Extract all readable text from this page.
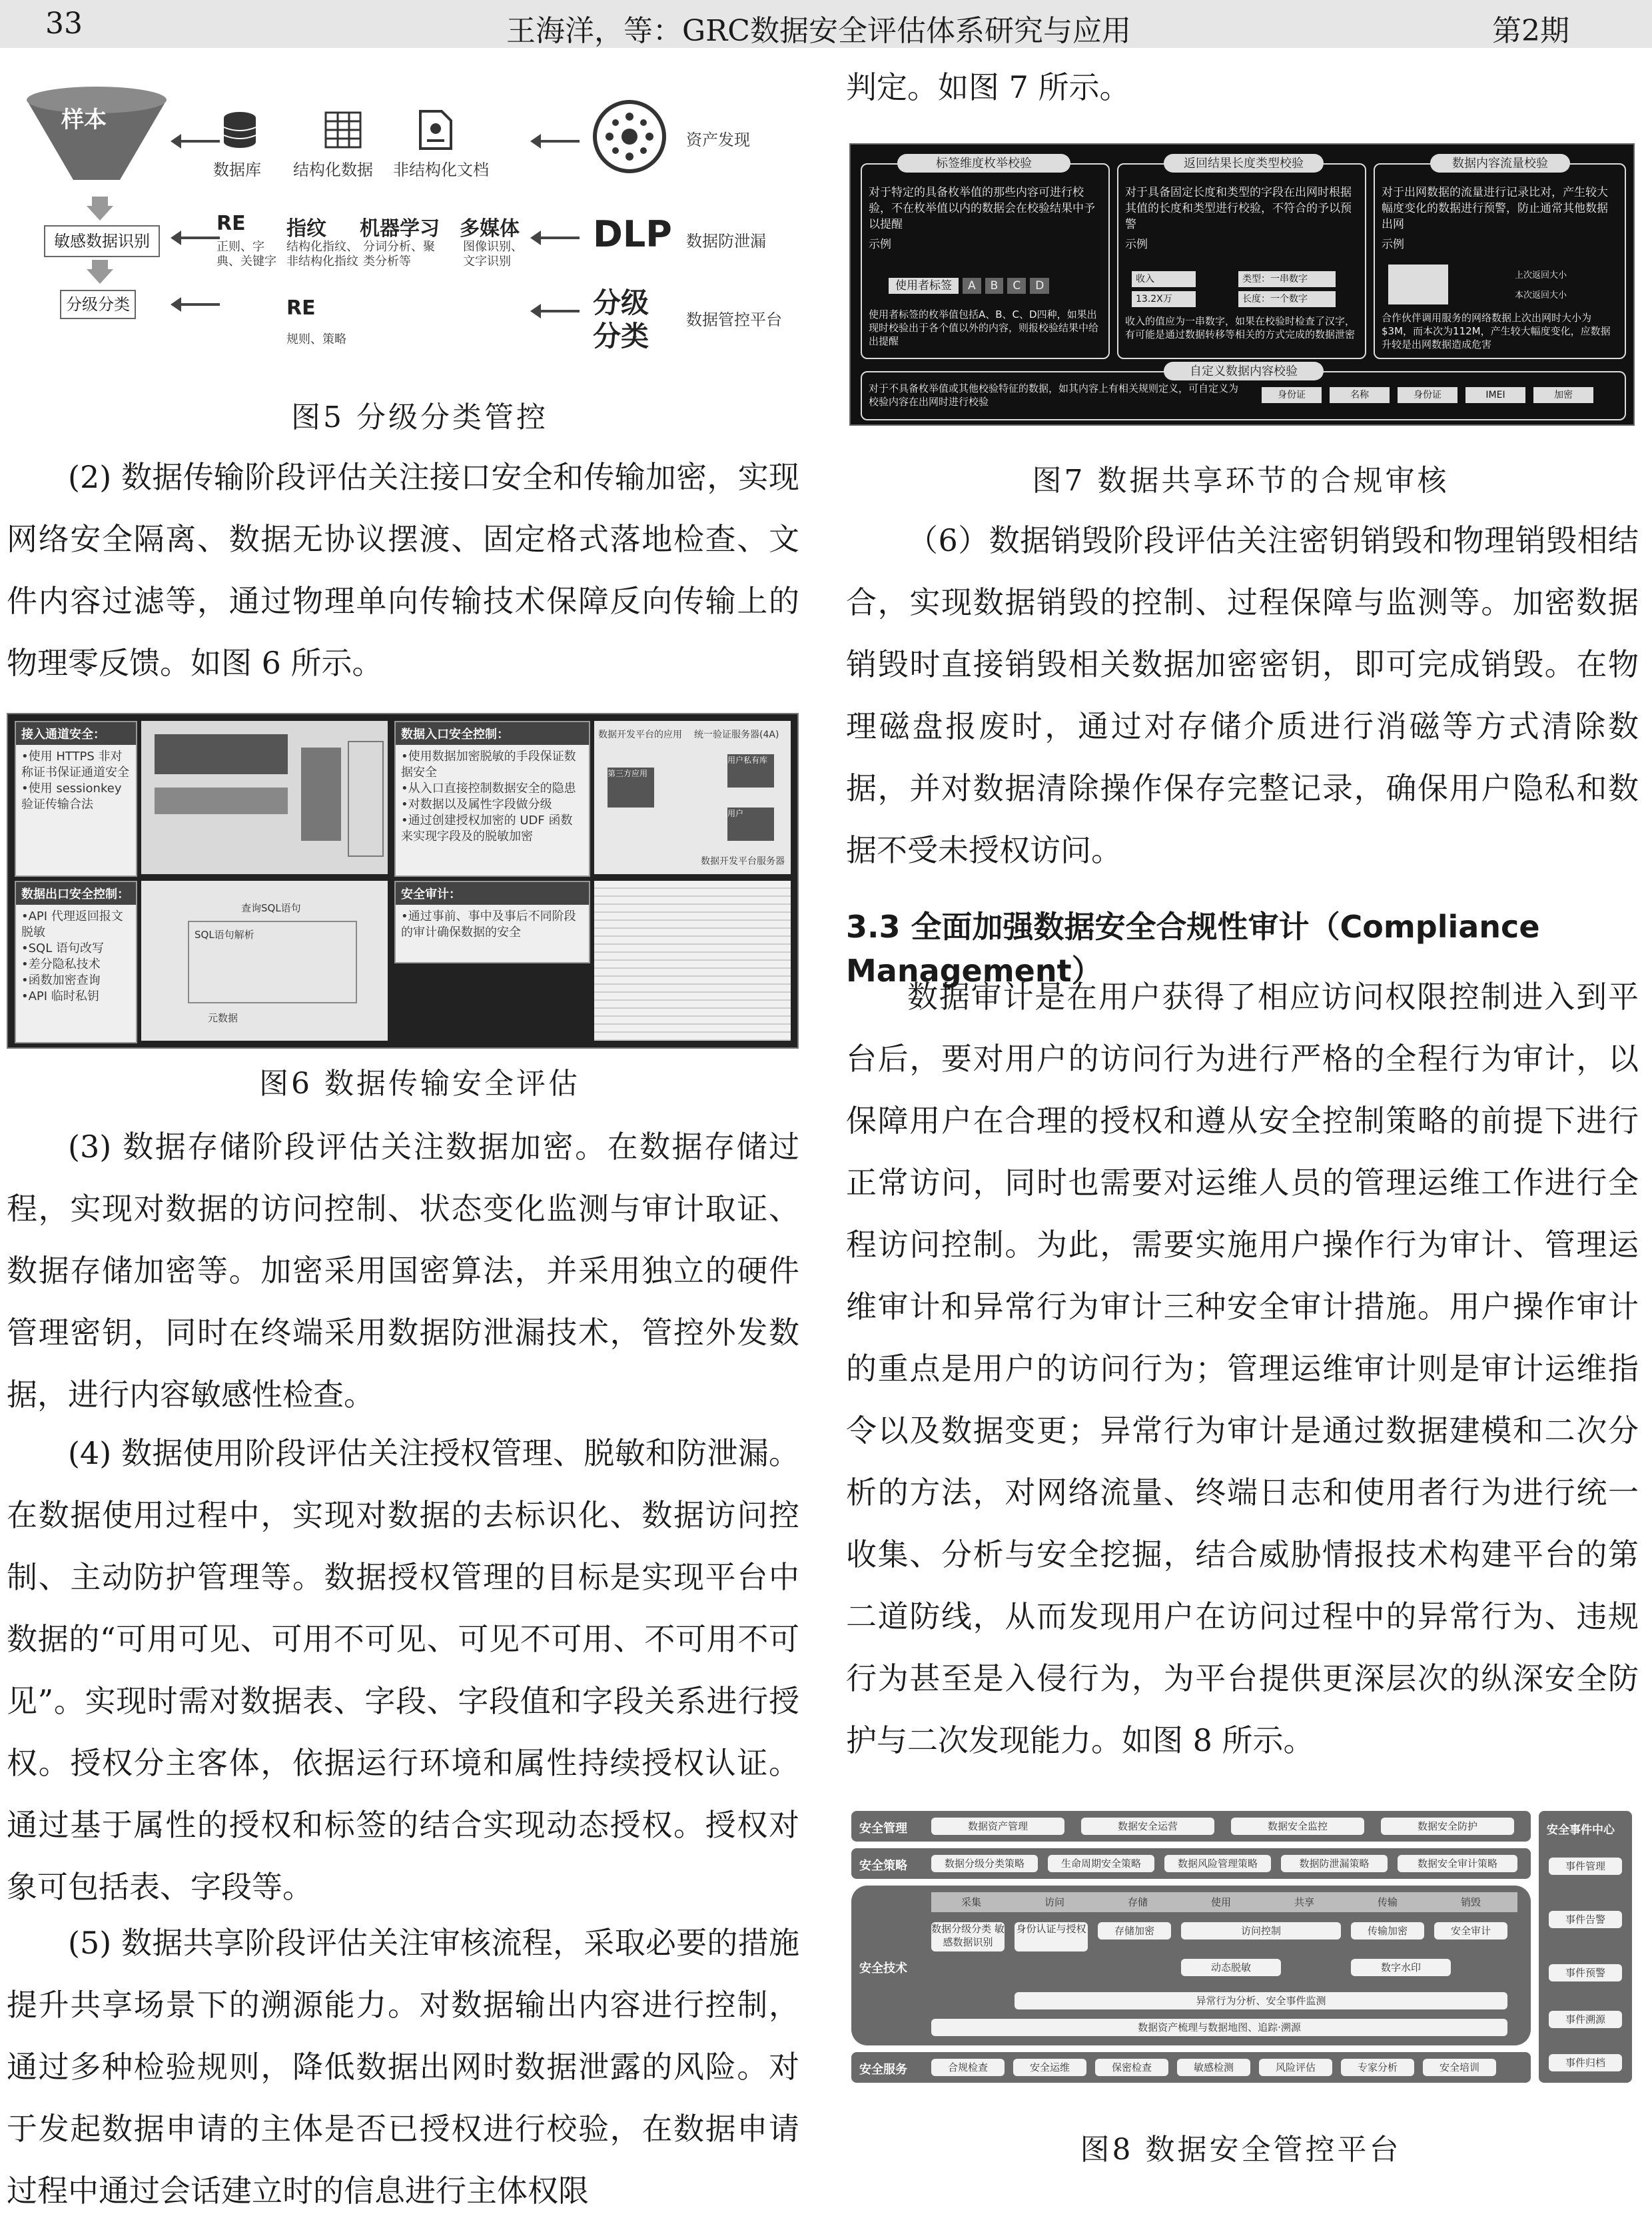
33	王海洋，等：GRC数据安全评估体系研究与应用	第2期
样本
敏感数据识别
分级分类
数据库 结构化数据 非结构化文档
RE
正则、字典、关键字
指纹
结构化指纹、非结构化指纹
机器学习
分词分析、聚类分析等
多媒体
图像识别、文字识别
RE
规则、策略
资产发现
DLP 数据防泄漏
分级
分类 数据管控平台
图5 分级分类管控

(2) 数据传输阶段评估关注接口安全和传输加密，实现网络安全隔离、数据无协议摆渡、固定格式落地检查、文件内容过滤等，通过物理单向传输技术保障反向传输上的物理零反馈。如图 6 所示。

接入通道安全：
•使用 HTTPS 非对称证书保证通道安全
•使用 sessionkey 验证传输合法
数据入口安全控制：
•使用数据加密脱敏的手段保证数据安全
•从入口直接控制数据安全的隐患
•对数据以及属性字段做分级
•通过创建授权加密的 UDF 函数来实现字段及的脱敏加密
数据开发平台的应用 统一验证服务器(4A)
第三方应用
用户私有库
用户
数据开发平台服务器
数据出口安全控制：
•API 代理返回报文脱敏
•SQL 语句改写
•差分隐私技术
•函数加密查询
•API 临时私钥
查询SQL语句
SQL语句解析
元数据
安全审计：
•通过事前、事中及事后不同阶段的审计确保数据的安全
图6 数据传输安全评估

(3) 数据存储阶段评估关注数据加密。在数据存储过程，实现对数据的访问控制、状态变化监测与审计取证、数据存储加密等。加密采用国密算法，并采用独立的硬件管理密钥，同时在终端采用数据防泄漏技术，管控外发数据，进行内容敏感性检查。

(4) 数据使用阶段评估关注授权管理、脱敏和防泄漏。在数据使用过程中，实现对数据的去标识化、数据访问控制、主动防护管理等。数据授权管理的目标是实现平台中数据的“可用可见、可用不可见、可见不可用、不可用不可见”。实现时需对数据表、字段、字段值和字段关系进行授权。授权分主客体，依据运行环境和属性持续授权认证。通过基于属性的授权和标签的结合实现动态授权。授权对象可包括表、字段等。

(5) 数据共享阶段评估关注审核流程，采取必要的措施提升共享场景下的溯源能力。对数据输出内容进行控制，通过多种检验规则，降低数据出网时数据泄露的风险。对于发起数据申请的主体是否已授权进行校验，在数据申请过程中通过会话建立时的信息进行主体权限

判定。如图 7 所示。

对于特定的具备枚举值的那些内容可进行校验，不在枚举值以内的数据会在校验结果中予以提醒
示例
使用者标签	A	B	C	D
使用者标签的枚举值包括A、B、C、D四种，如果出现时校验出于各个值以外的内容，则报校验结果中给出提醒
标签维度枚举校验
对于具备固定长度和类型的字段在出网时根据其值的长度和类型进行校验，不符合的予以预警
示例
收入	类型：一串数字
13.2X万	长度：一个数字
收入的值应为一串数字，如果在校验时检查了汉字，有可能是通过数据转移等相关的方式完成的数据泄密
返回结果长度类型校验
对于出网数据的流量进行记录比对，产生较大幅度变化的数据进行预警，防止通常其他数据出网
示例
上次返回大小
本次返回大小
合作伙伴调用服务的网络数据上次出网时大小为$3M，而本次为112M，产生较大幅度变化，应数据升较是出网数据造成危害
数据内容流量校验
对于不具备枚举值或其他校验特征的数据，如其内容上有相关规则定义，可自定义为校验内容在出网时进行校验
身份证	名称	身份证	IMEI	加密
自定义数据内容校验
图7 数据共享环节的合规审核

（6）数据销毁阶段评估关注密钥销毁和物理销毁相结合，实现数据销毁的控制、过程保障与监测等。加密数据销毁时直接销毁相关数据加密密钥，即可完成销毁。在物理磁盘报废时，通过对存储介质进行消磁等方式清除数据，并对数据清除操作保存完整记录，确保用户隐私和数据不受未授权访问。

3.3 全面加强数据安全合规性审计（Compliance Management）

数据审计是在用户获得了相应访问权限控制进入到平台后，要对用户的访问行为进行严格的全程行为审计，以保障用户在合理的授权和遵从安全控制策略的前提下进行正常访问，同时也需要对运维人员的管理运维工作进行全程访问控制。为此，需要实施用户操作行为审计、管理运维审计和异常行为审计三种安全审计措施。用户操作审计的重点是用户的访问行为；管理运维审计则是审计运维指令以及数据变更；异常行为审计是通过数据建模和二次分析的方法，对网络流量、终端日志和使用者行为进行统一收集、分析与安全挖掘，结合威胁情报技术构建平台的第二道防线，从而发现用户在访问过程中的异常行为、违规行为甚至是入侵行为，为平台提供更深层次的纵深安全防护与二次发现能力。如图 8 所示。

安全管理	数据资产管理	数据安全运营	数据安全监控	数据安全防护
安全策略	数据分级分类策略	生命周期安全策略	数据风险管理策略	数据防泄漏策略	数据安全审计策略
安全技术
采集	访问	存储	使用	共享	传输	销毁
数据分级分类 敏感数据识别
身份认证与授权	存储加密	访问控制	传输加密	安全审计
动态脱敏	数字水印
异常行为分析、安全事件监测
数据资产梳理与数据地图、追踪·溯源
安全服务	合规检查	安全运维	保密检查	敏感检测	风险评估	专家分析	安全培训
安全事件中心
事件管理
事件告警
事件预警
事件溯源
事件归档
图8 数据安全管控平台
